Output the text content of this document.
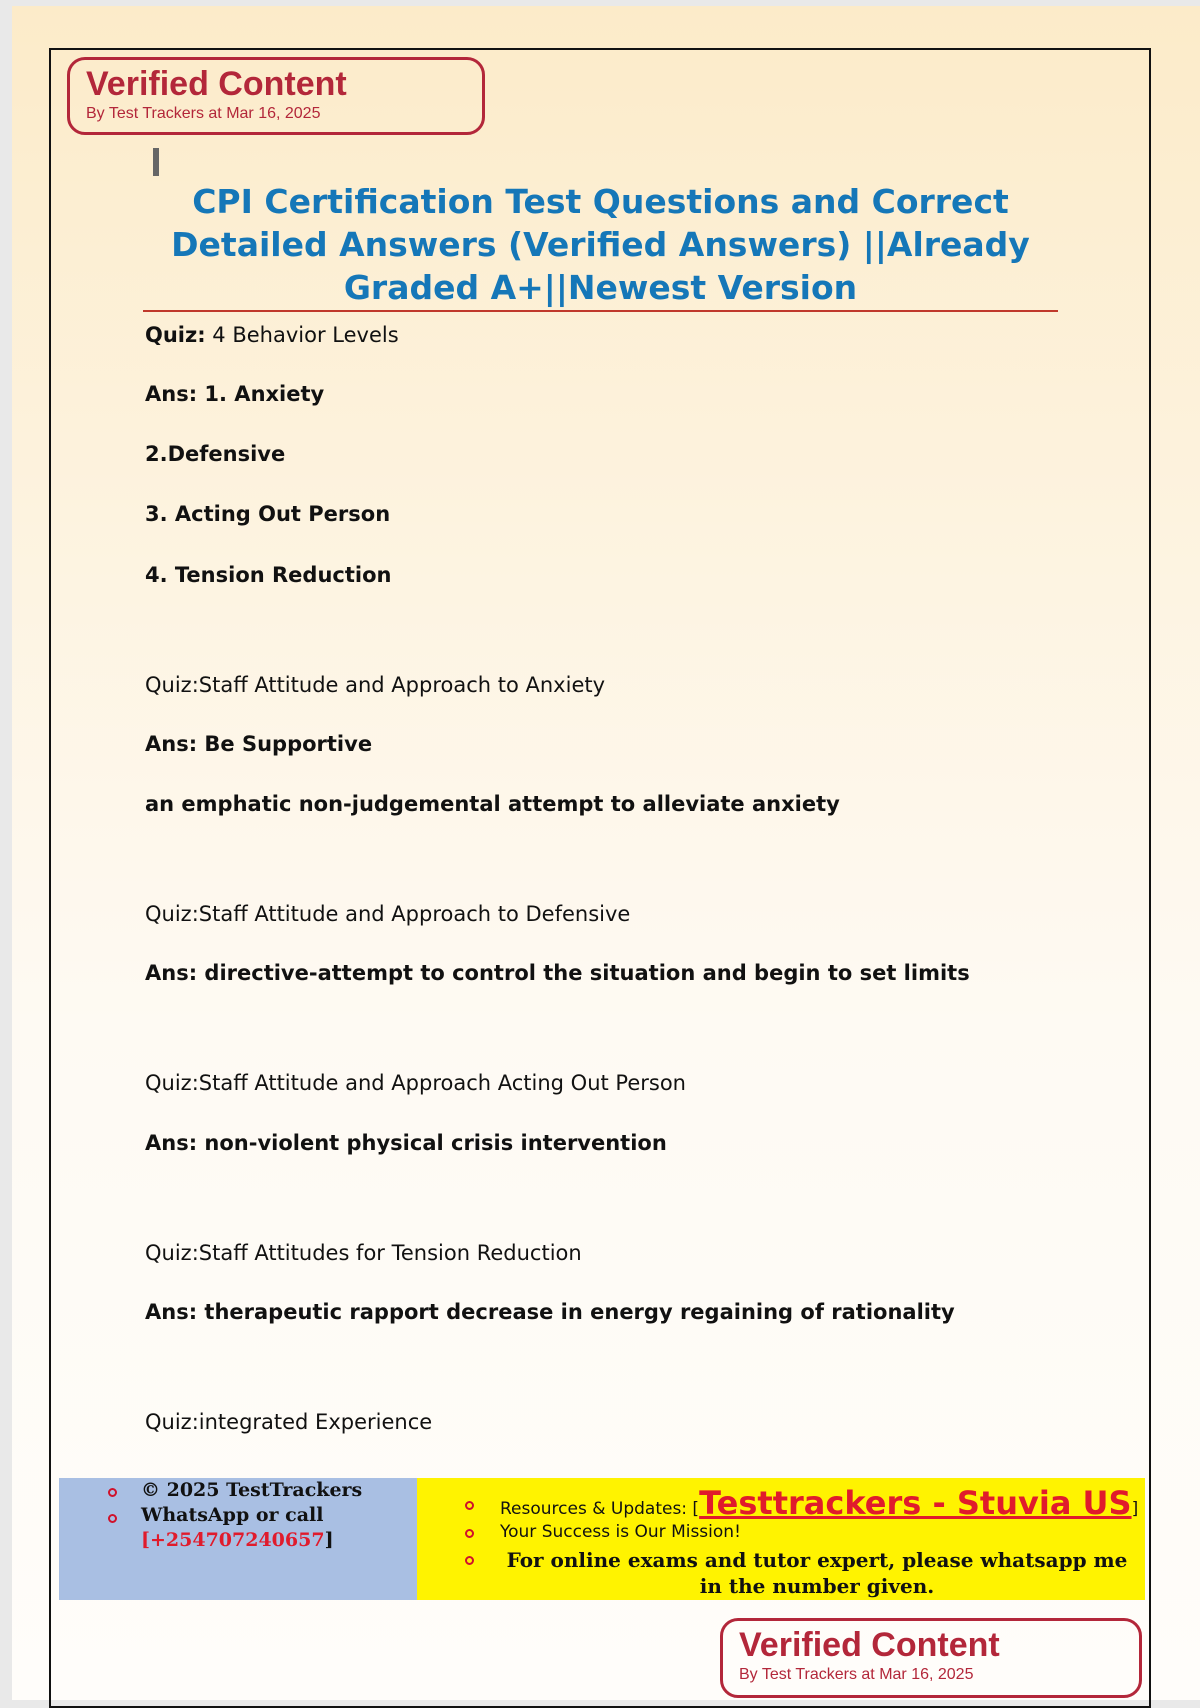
Verified Content
By Test Trackers at Mar 16, 2025
CPI Certification Test Questions and Correct
Detailed Answers (Verified Answers) ||Already
Graded A+||Newest Version
Quiz: 4 Behavior Levels
Ans: 1. Anxiety
2.Defensive
3. Acting Out Person
4. Tension Reduction
Quiz:Staff Attitude and Approach to Anxiety
Ans: Be Supportive
an emphatic non-judgemental attempt to alleviate anxiety
Quiz:Staff Attitude and Approach to Defensive
Ans: directive-attempt to control the situation and begin to set limits
Quiz:Staff Attitude and Approach Acting Out Person
Ans: non-violent physical crisis intervention
Quiz:Staff Attitudes for Tension Reduction
Ans: therapeutic rapport decrease in energy regaining of rationality
Quiz:integrated Experience
© 2025 TestTrackers
WhatsApp or call
[+254707240657]
Resources & Updates: [Testtrackers - Stuvia US]
Your Success is Our Mission!
For online exams and tutor expert, please whatsapp me
in the number given.
Verified Content
By Test Trackers at Mar 16, 2025
